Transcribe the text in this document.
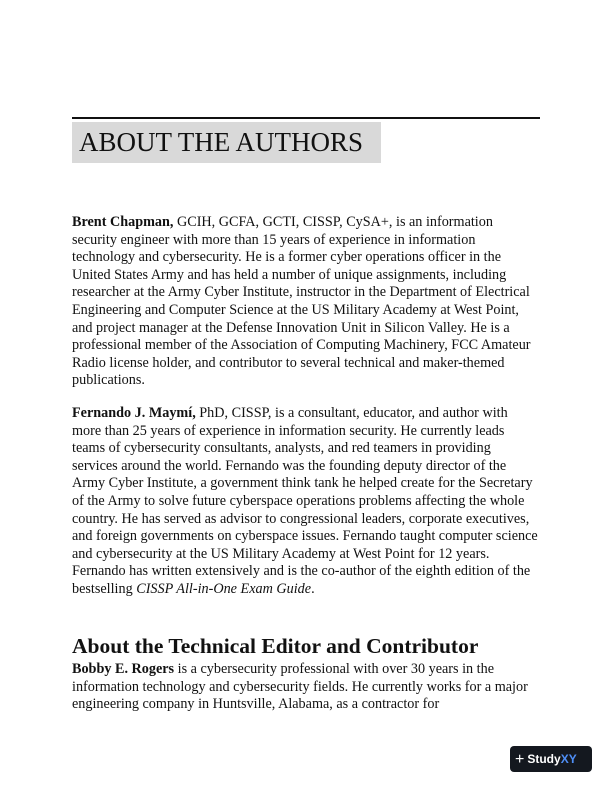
ABOUT THE AUTHORS

Brent Chapman, GCIH, GCFA, GCTI, CISSP, CySA+, is an information security engineer with more than 15 years of experience in information technology and cybersecurity. He is a former cyber operations officer in the United States Army and has held a number of unique assignments, including researcher at the Army Cyber Institute, instructor in the Department of Electrical Engineering and Computer Science at the US Military Academy at West Point, and project manager at the Defense Innovation Unit in Silicon Valley. He is a professional member of the Association of Computing Machinery, FCC Amateur Radio license holder, and contributor to several technical and maker-themed publications.

Fernando J. Maymí, PhD, CISSP, is a consultant, educator, and author with more than 25 years of experience in information security. He currently leads teams of cybersecurity consultants, analysts, and red teamers in providing services around the world. Fernando was the founding deputy director of the Army Cyber Institute, a government think tank he helped create for the Secretary of the Army to solve future cyberspace operations problems affecting the whole country. He has served as advisor to congressional leaders, corporate executives, and foreign governments on cyberspace issues. Fernando taught computer science and cybersecurity at the US Military Academy at West Point for 12 years. Fernando has written extensively and is the co-author of the eighth edition of the bestselling CISSP All-in-One Exam Guide.

About the Technical Editor and Contributor

Bobby E. Rogers is a cybersecurity professional with over 30 years in the information technology and cybersecurity fields. He currently works for a major engineering company in Huntsville, Alabama, as a contractor for

+ StudyXY
